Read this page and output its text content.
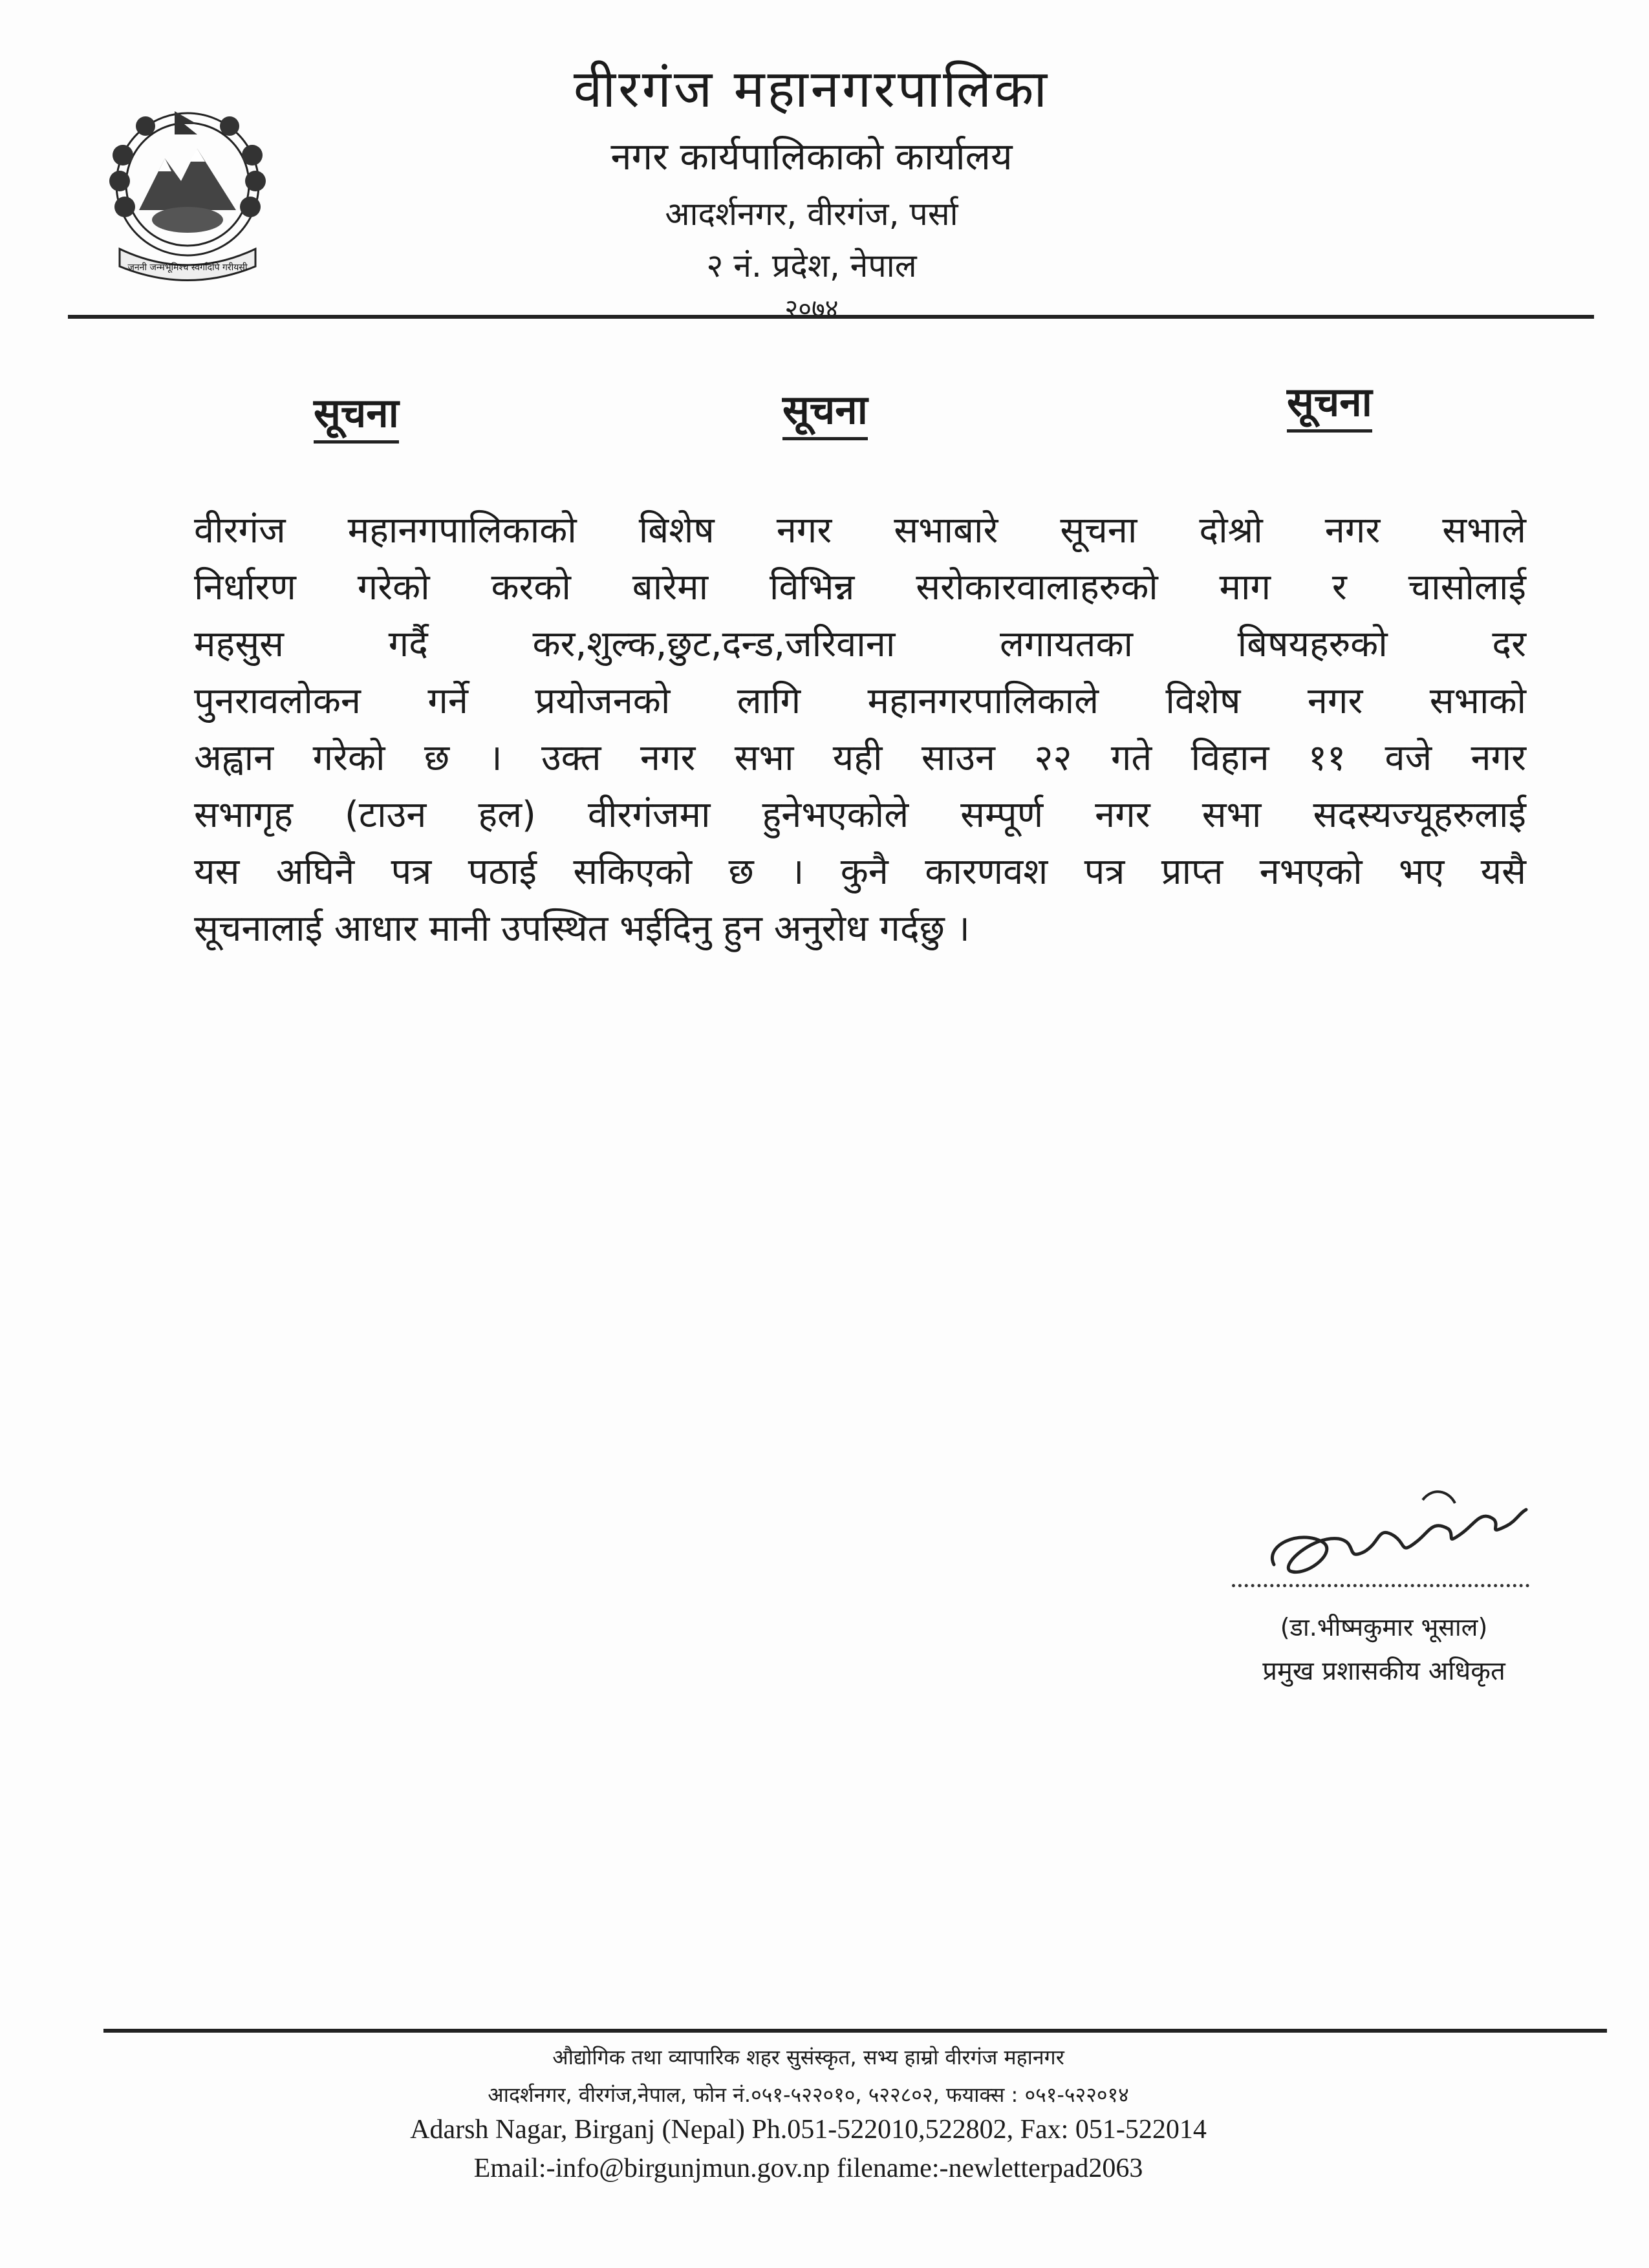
जननी जन्मभूमिश्च स्वर्गादपि गरीयसी
वीरगंज महानगरपालिका
नगर कार्यपालिकाको कार्यालय
आदर्शनगर, वीरगंज, पर्सा
२ नं. प्रदेश, नेपाल
२०७४
सूचना	सूचना	सूचना
वीरगंज महानगपालिकाको बिशेष नगर सभाबारे सूचना दोश्रो नगर सभाले
निर्धारण गरेको करको बारेमा विभिन्न सरोकारवालाहरुको माग र चासोलाई
महसुस गर्दै कर,शुल्क,छुट,दन्ड,जरिवाना लगायतका बिषयहरुको दर
पुनरावलोकन गर्ने प्रयोजनको लागि महानगरपालिकाले विशेष नगर सभाको
अह्वान गरेको छ । उक्त नगर सभा यही साउन २२ गते विहान ११ वजे नगर
सभागृह (टाउन हल) वीरगंजमा हुनेभएकोले सम्पूर्ण नगर सभा सदस्यज्यूहरुलाई
यस अघिनै पत्र पठाई सकिएको छ । कुनै कारणवश पत्र प्राप्त नभएको भए यसै
सूचनालाई आधार मानी उपस्थित भईदिनु हुन अनुरोध गर्दछु ।
(डा.भीष्मकुमार भूसाल)
प्रमुख प्रशासकीय अधिकृत
औद्योगिक तथा व्यापारिक शहर सुसंस्कृत, सभ्य हाम्रो वीरगंज महानगर
आदर्शनगर, वीरगंज,नेपाल, फोन नं.०५१-५२२०१०, ५२२८०२, फयाक्स : ०५१-५२२०१४
Adarsh Nagar, Birganj (Nepal) Ph.051-522010,522802, Fax: 051-522014
Email:-info@birgunjmun.gov.np filename:-newletterpad2063
